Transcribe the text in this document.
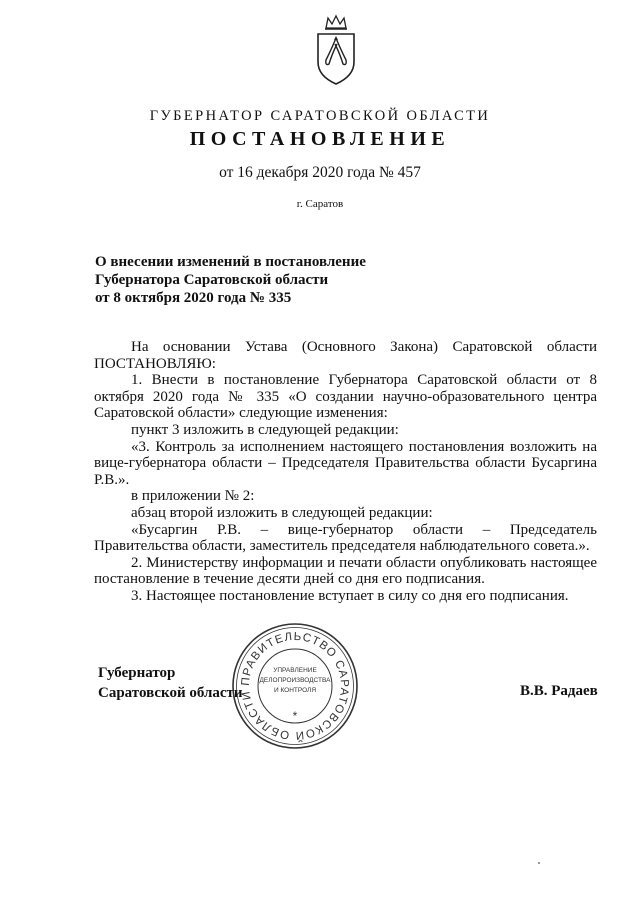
ГУБЕРНАТОР САРАТОВСКОЙ ОБЛАСТИ
ПОСТАНОВЛЕНИЕ
от 16 декабря 2020 года № 457
г. Саратов
О внесении изменений в постановление
Губернатора Саратовской области
от 8 октября 2020 года № 335

На основании Устава (Основного Закона) Саратовской области ПОСТАНОВЛЯЮ:

1. Внести в постановление Губернатора Саратовской области от 8 октября 2020 года № 335 «О создании научно-образовательного центра Саратовской области» следующие изменения:

пункт 3 изложить в следующей редакции:

«3. Контроль за исполнением настоящего постановления возложить на вице-губернатора области – Председателя Правительства области Бусаргина Р.В.».

в приложении № 2:

абзац второй изложить в следующей редакции:

«Бусаргин Р.В. – вице-губернатор области – Председатель Правительства области, заместитель председателя наблюдательного совета.».

2. Министерству информации и печати области опубликовать настоящее постановление в течение десяти дней со дня его подписания.

3. Настоящее постановление вступает в силу со дня его подписания.

Губернатор
Саратовской области	В.В. Радаев
ПРАВИТЕЛЬСТВО САРАТОВСКОЙ ОБЛАСТИ
УПРАВЛЕНИЕ
ДЕЛОПРОИЗВОДСТВА
И КОНТРОЛЯ
*
